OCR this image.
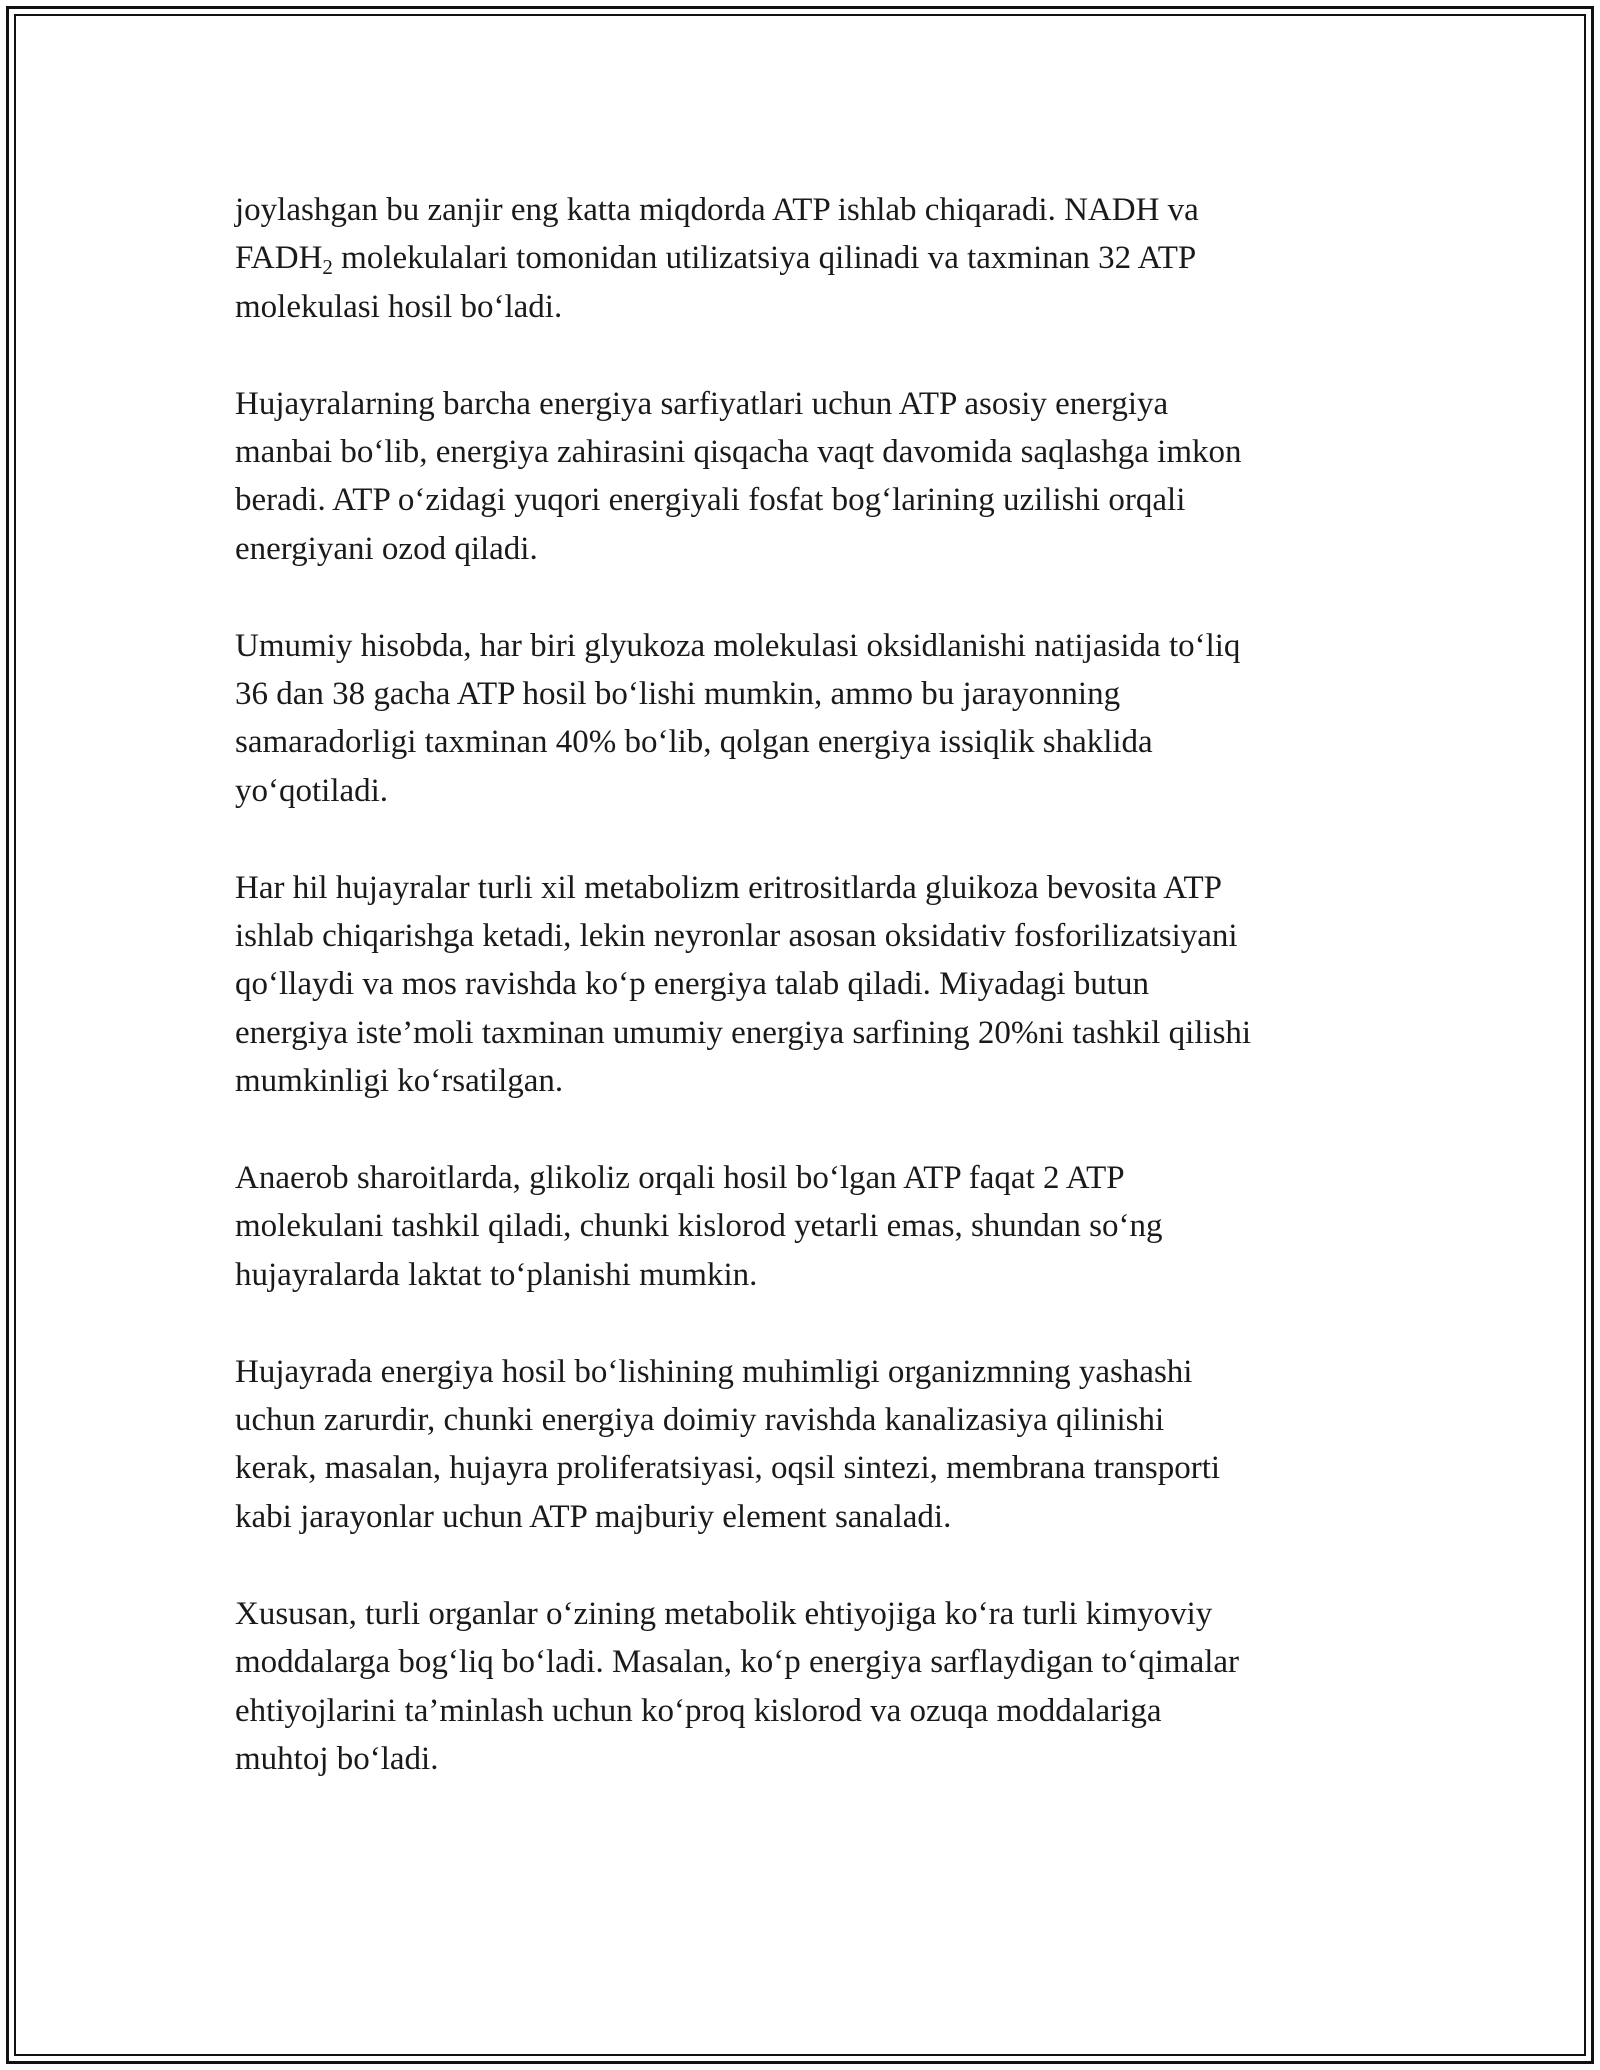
joylashgan bu zanjir eng katta miqdorda ATP ishlab chiqaradi. NADH va
$FADH_2$ molekulalari tomonidan utilizatsiya qilinadi va taxminan 32 ATP
molekulasi hosil bo‘ladi.

Hujayralarning barcha energiya sarfiyatlari uchun ATP asosiy energiya
manbai bo‘lib, energiya zahirasini qisqacha vaqt davomida saqlashga imkon
beradi. ATP o‘zidagi yuqori energiyali fosfat bog‘larining uzilishi orqali
energiyani ozod qiladi.

Umumiy hisobda, har biri glyukoza molekulasi oksidlanishi natijasida to‘liq
36 dan 38 gacha ATP hosil bo‘lishi mumkin, ammo bu jarayonning
samaradorligi taxminan 40% bo‘lib, qolgan energiya issiqlik shaklida
yo‘qotiladi.

Har hil hujayralar turli xil metabolizm eritrositlarda gluikoza bevosita ATP
ishlab chiqarishga ketadi, lekin neyronlar asosan oksidativ fosforilizatsiyani
qo‘llaydi va mos ravishda ko‘p energiya talab qiladi. Miyadagi butun
energiya iste’moli taxminan umumiy energiya sarfining 20%ni tashkil qilishi
mumkinligi ko‘rsatilgan.

Anaerob sharoitlarda, glikoliz orqali hosil bo‘lgan ATP faqat 2 ATP
molekulani tashkil qiladi, chunki kislorod yetarli emas, shundan so‘ng
hujayralarda laktat to‘planishi mumkin.

Hujayrada energiya hosil bo‘lishining muhimligi organizmning yashashi
uchun zarurdir, chunki energiya doimiy ravishda kanalizasiya qilinishi
kerak, masalan, hujayra proliferatsiyasi, oqsil sintezi, membrana transporti
kabi jarayonlar uchun ATP majburiy element sanaladi.

Xususan, turli organlar o‘zining metabolik ehtiyojiga ko‘ra turli kimyoviy
moddalarga bog‘liq bo‘ladi. Masalan, ko‘p energiya sarflaydigan to‘qimalar
ehtiyojlarini ta’minlash uchun ko‘proq kislorod va ozuqa moddalariga
muhtoj bo‘ladi.
